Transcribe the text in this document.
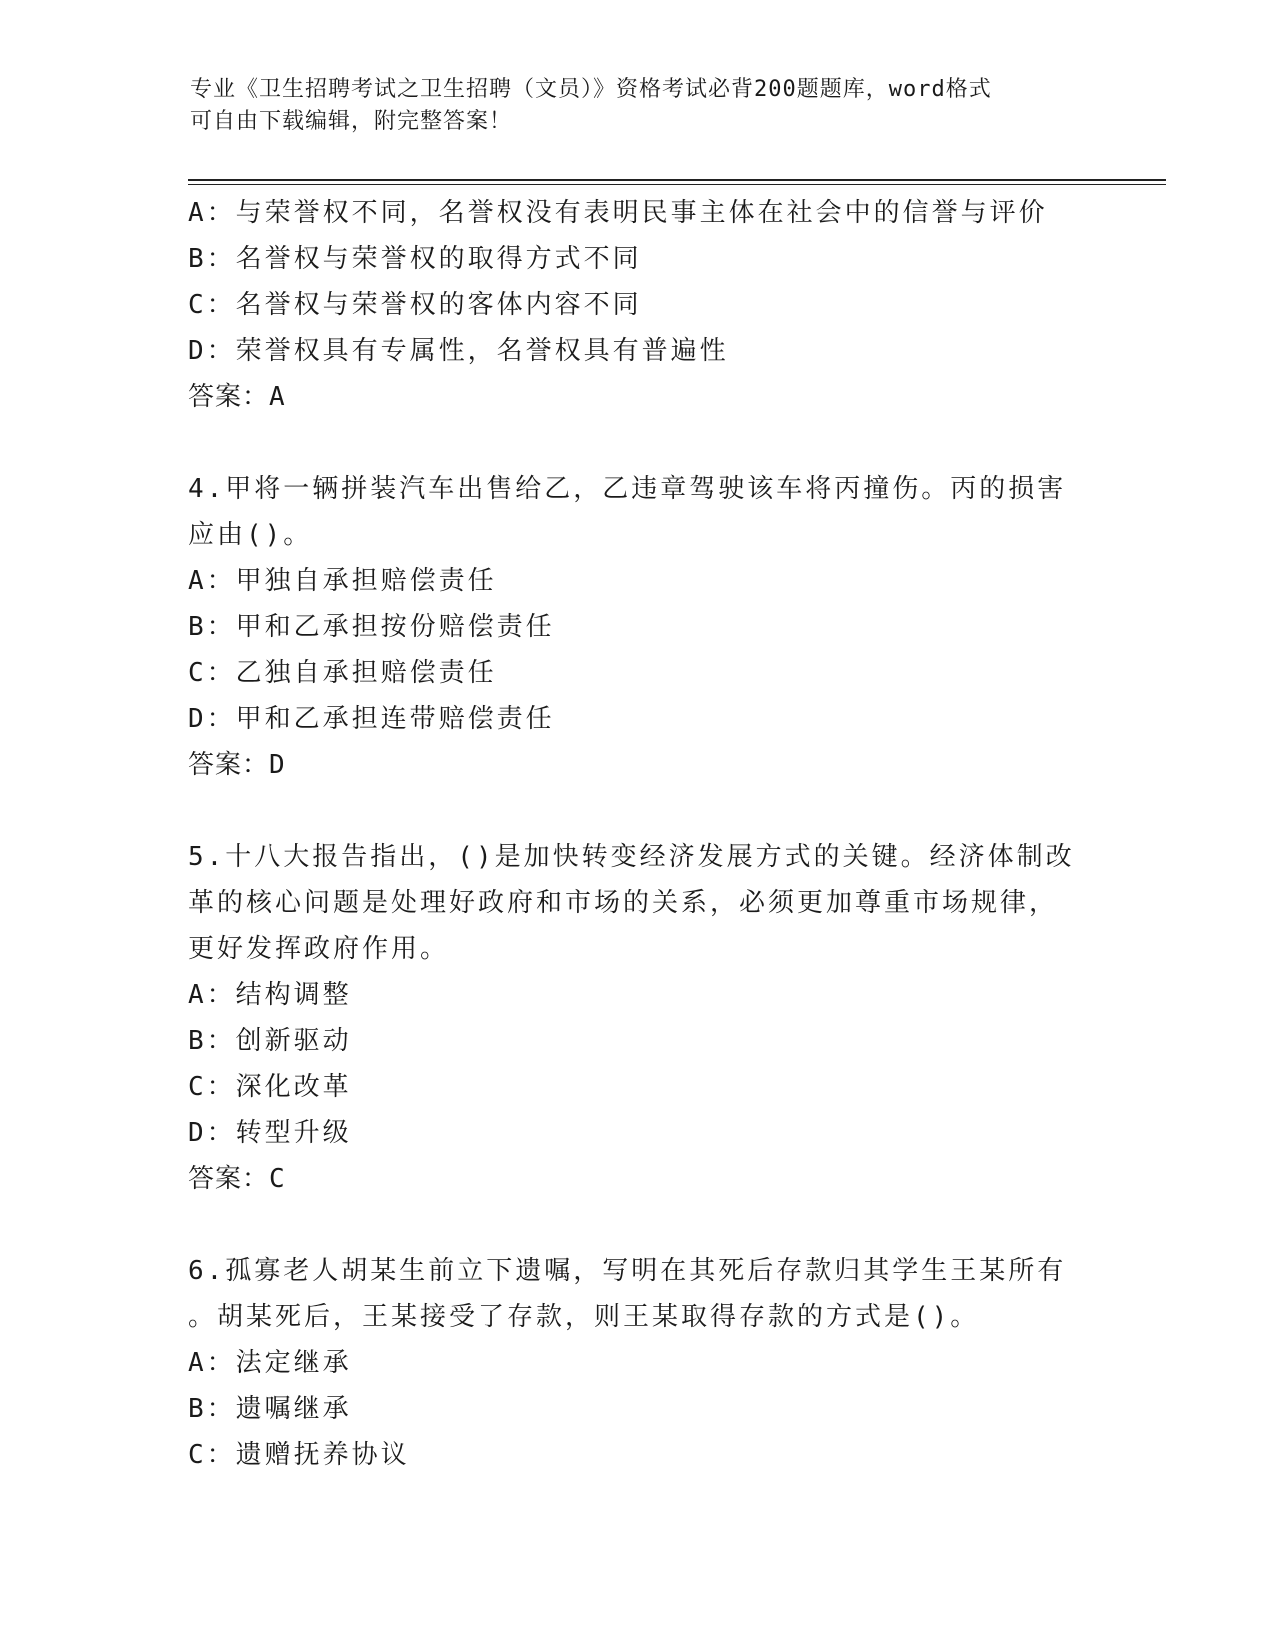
专业《卫生招聘考试之卫生招聘（文员）》资格考试必背200题题库，word格式

可自由下载编辑，附完整答案！

A：与荣誉权不同，名誉权没有表明民事主体在社会中的信誉与评价
B：名誉权与荣誉权的取得方式不同
C：名誉权与荣誉权的客体内容不同
D：荣誉权具有专属性，名誉权具有普遍性
答案：A
4.甲将一辆拼装汽车出售给乙，乙违章驾驶该车将丙撞伤。丙的损害
应由()。
A：甲独自承担赔偿责任
B：甲和乙承担按份赔偿责任
C：乙独自承担赔偿责任
D：甲和乙承担连带赔偿责任
答案：D
5.十八大报告指出，()是加快转变经济发展方式的关键。经济体制改
革的核心问题是处理好政府和市场的关系，必须更加尊重市场规律，
更好发挥政府作用。
A：结构调整
B：创新驱动
C：深化改革
D：转型升级
答案：C
6.孤寡老人胡某生前立下遗嘱，写明在其死后存款归其学生王某所有
。胡某死后，王某接受了存款，则王某取得存款的方式是()。
A：法定继承
B：遗嘱继承
C：遗赠抚养协议
